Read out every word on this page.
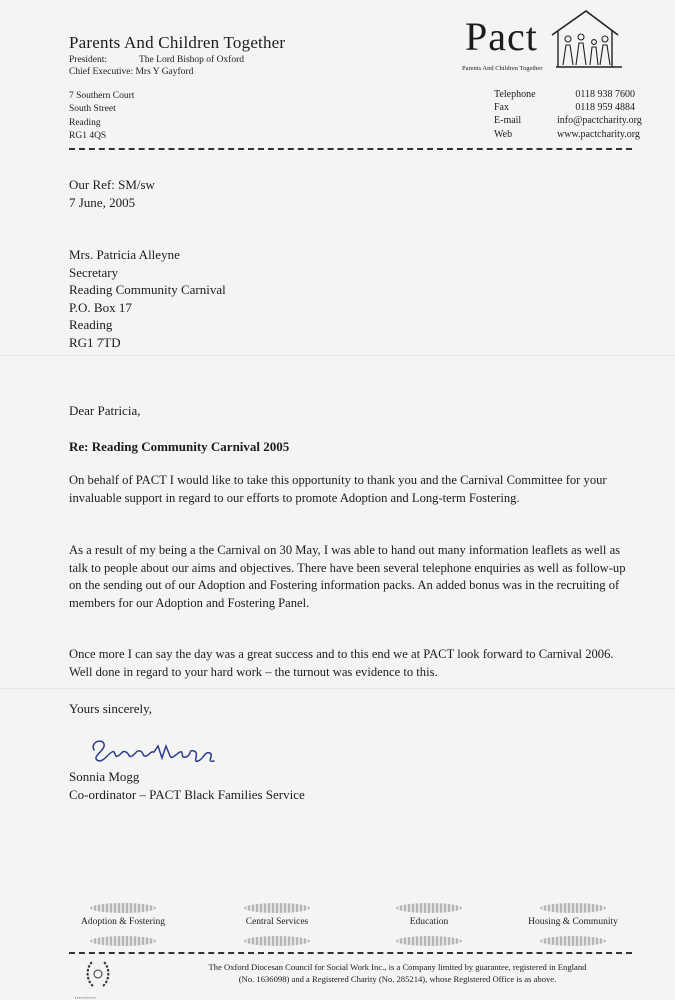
Parents And Children Together
President:	The Lord Bishop of Oxford
Chief Executive: Mrs Y Gayford
7 Southern Court
South Street
Reading
RG1 4QS
Pact
Parents And Children Together
Telephone	0118 938 7600
Fax	0118 959 4884
E-mail	info@pactcharity.org
Web	www.pactcharity.org
Our Ref: SM/sw
7 June, 2005
Mrs. Patricia Alleyne
Secretary
Reading Community Carnival
P.O. Box 17
Reading
RG1 7TD
Dear Patricia,
Re: Reading Community Carnival 2005
On behalf of PACT I would like to take this opportunity to thank you and the Carnival Committee for your invaluable support in regard to our efforts to promote Adoption and Long-term Fostering.
As a result of my being a the Carnival on 30 May, I was able to hand out many information leaflets as well as talk to people about our aims and objectives. There have been several telephone enquiries as well as follow-up on the sending out of our Adoption and Fostering information packs. An added bonus was in the recruiting of members for our Adoption and Fostering Panel.
Once more I can say the day was a great success and to this end we at PACT look forward to Carnival 2006. Well done in regard to your hard work – the turnout was evidence to this.
Yours sincerely,
Sonnia Mogg
Co-ordinator – PACT Black Families Service
Adoption & Fostering	Central Services	Education	Housing & Community
▪▪▪▪▪▪▪▪▪▪▪
The Oxford Diocesan Council for Social Work Inc., is a Company limited by guarantee, registered in England
(No. 1636098) and a Registered Charity (No. 285214), whose Registered Office is as above.
